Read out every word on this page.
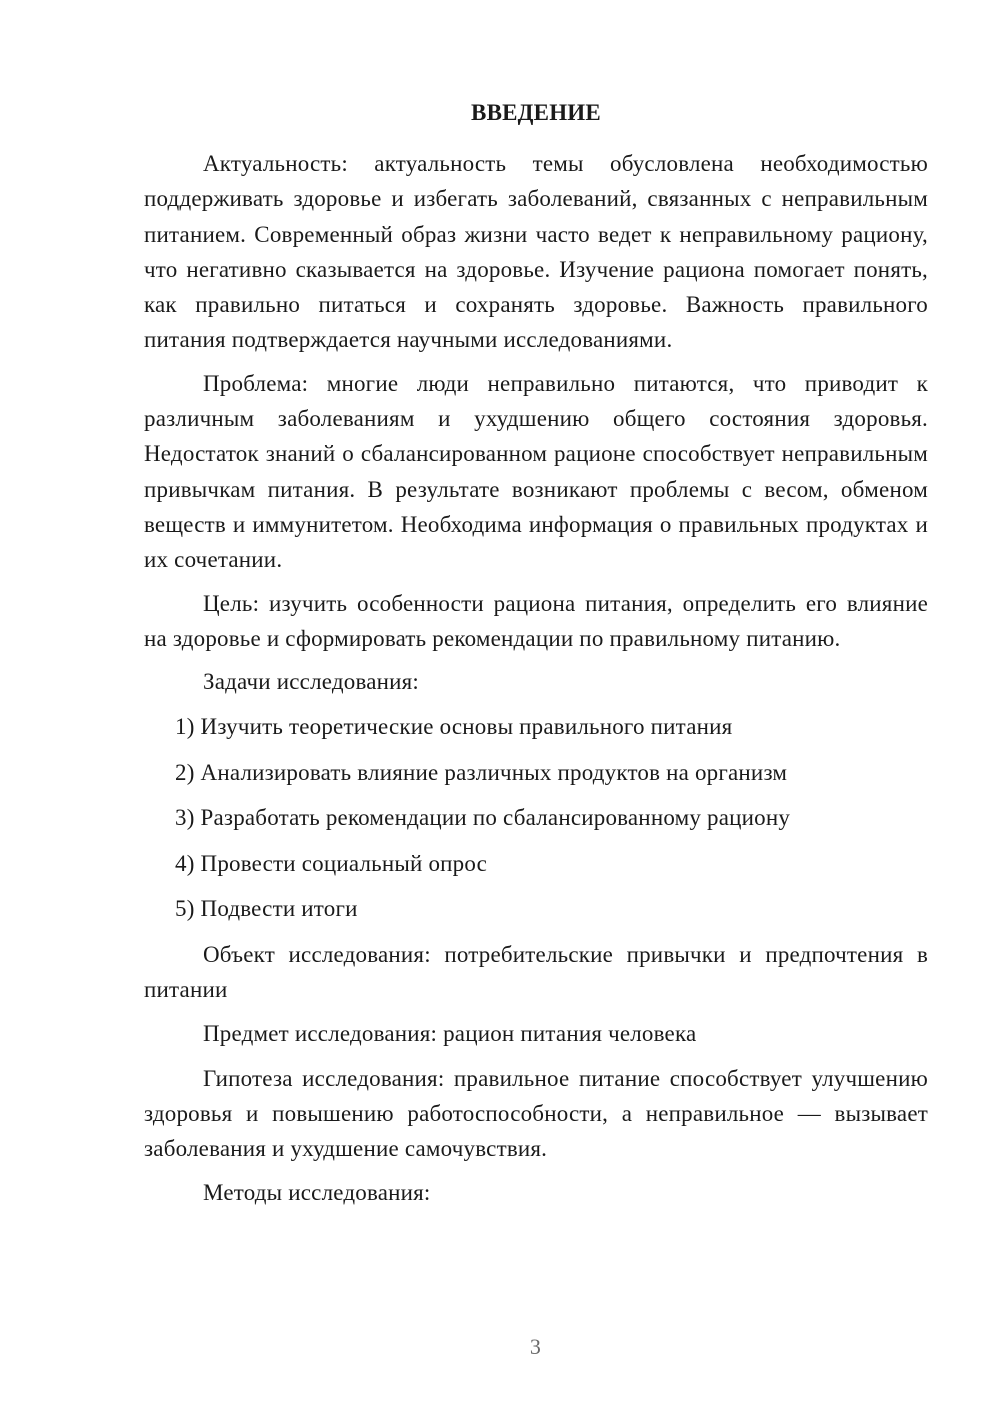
ВВЕДЕНИЕ

Актуальность: актуальность темы обусловлена необходимостью поддерживать здоровье и избегать заболеваний, связанных с неправильным питанием. Современный образ жизни часто ведет к неправильному рациону, что негативно сказывается на здоровье. Изучение рациона помогает понять, как правильно питаться и сохранять здоровье. Важность правильного питания подтверждается научными исследованиями.

Проблема: многие люди неправильно питаются, что приводит к различным заболеваниям и ухудшению общего состояния здоровья. Недостаток знаний о сбалансированном рационе способствует неправильным привычкам питания. В результате возникают проблемы с весом, обменом веществ и иммунитетом. Необходима информация о правильных продуктах и их сочетании.

Цель: изучить особенности рациона питания, определить его влияние на здоровье и сформировать рекомендации по правильному питанию.

Задачи исследования:

1) Изучить теоретические основы правильного питания
2) Анализировать влияние различных продуктов на организм
3) Разработать рекомендации по сбалансированному рациону
4) Провести социальный опрос
5) Подвести итоги

Объект исследования: потребительские привычки и предпочтения в питании

Предмет исследования: рацион питания человека

Гипотеза исследования: правильное питание способствует улучшению здоровья и повышению работоспособности, а неправильное — вызывает заболевания и ухудшение самочувствия.

Методы исследования:

3
